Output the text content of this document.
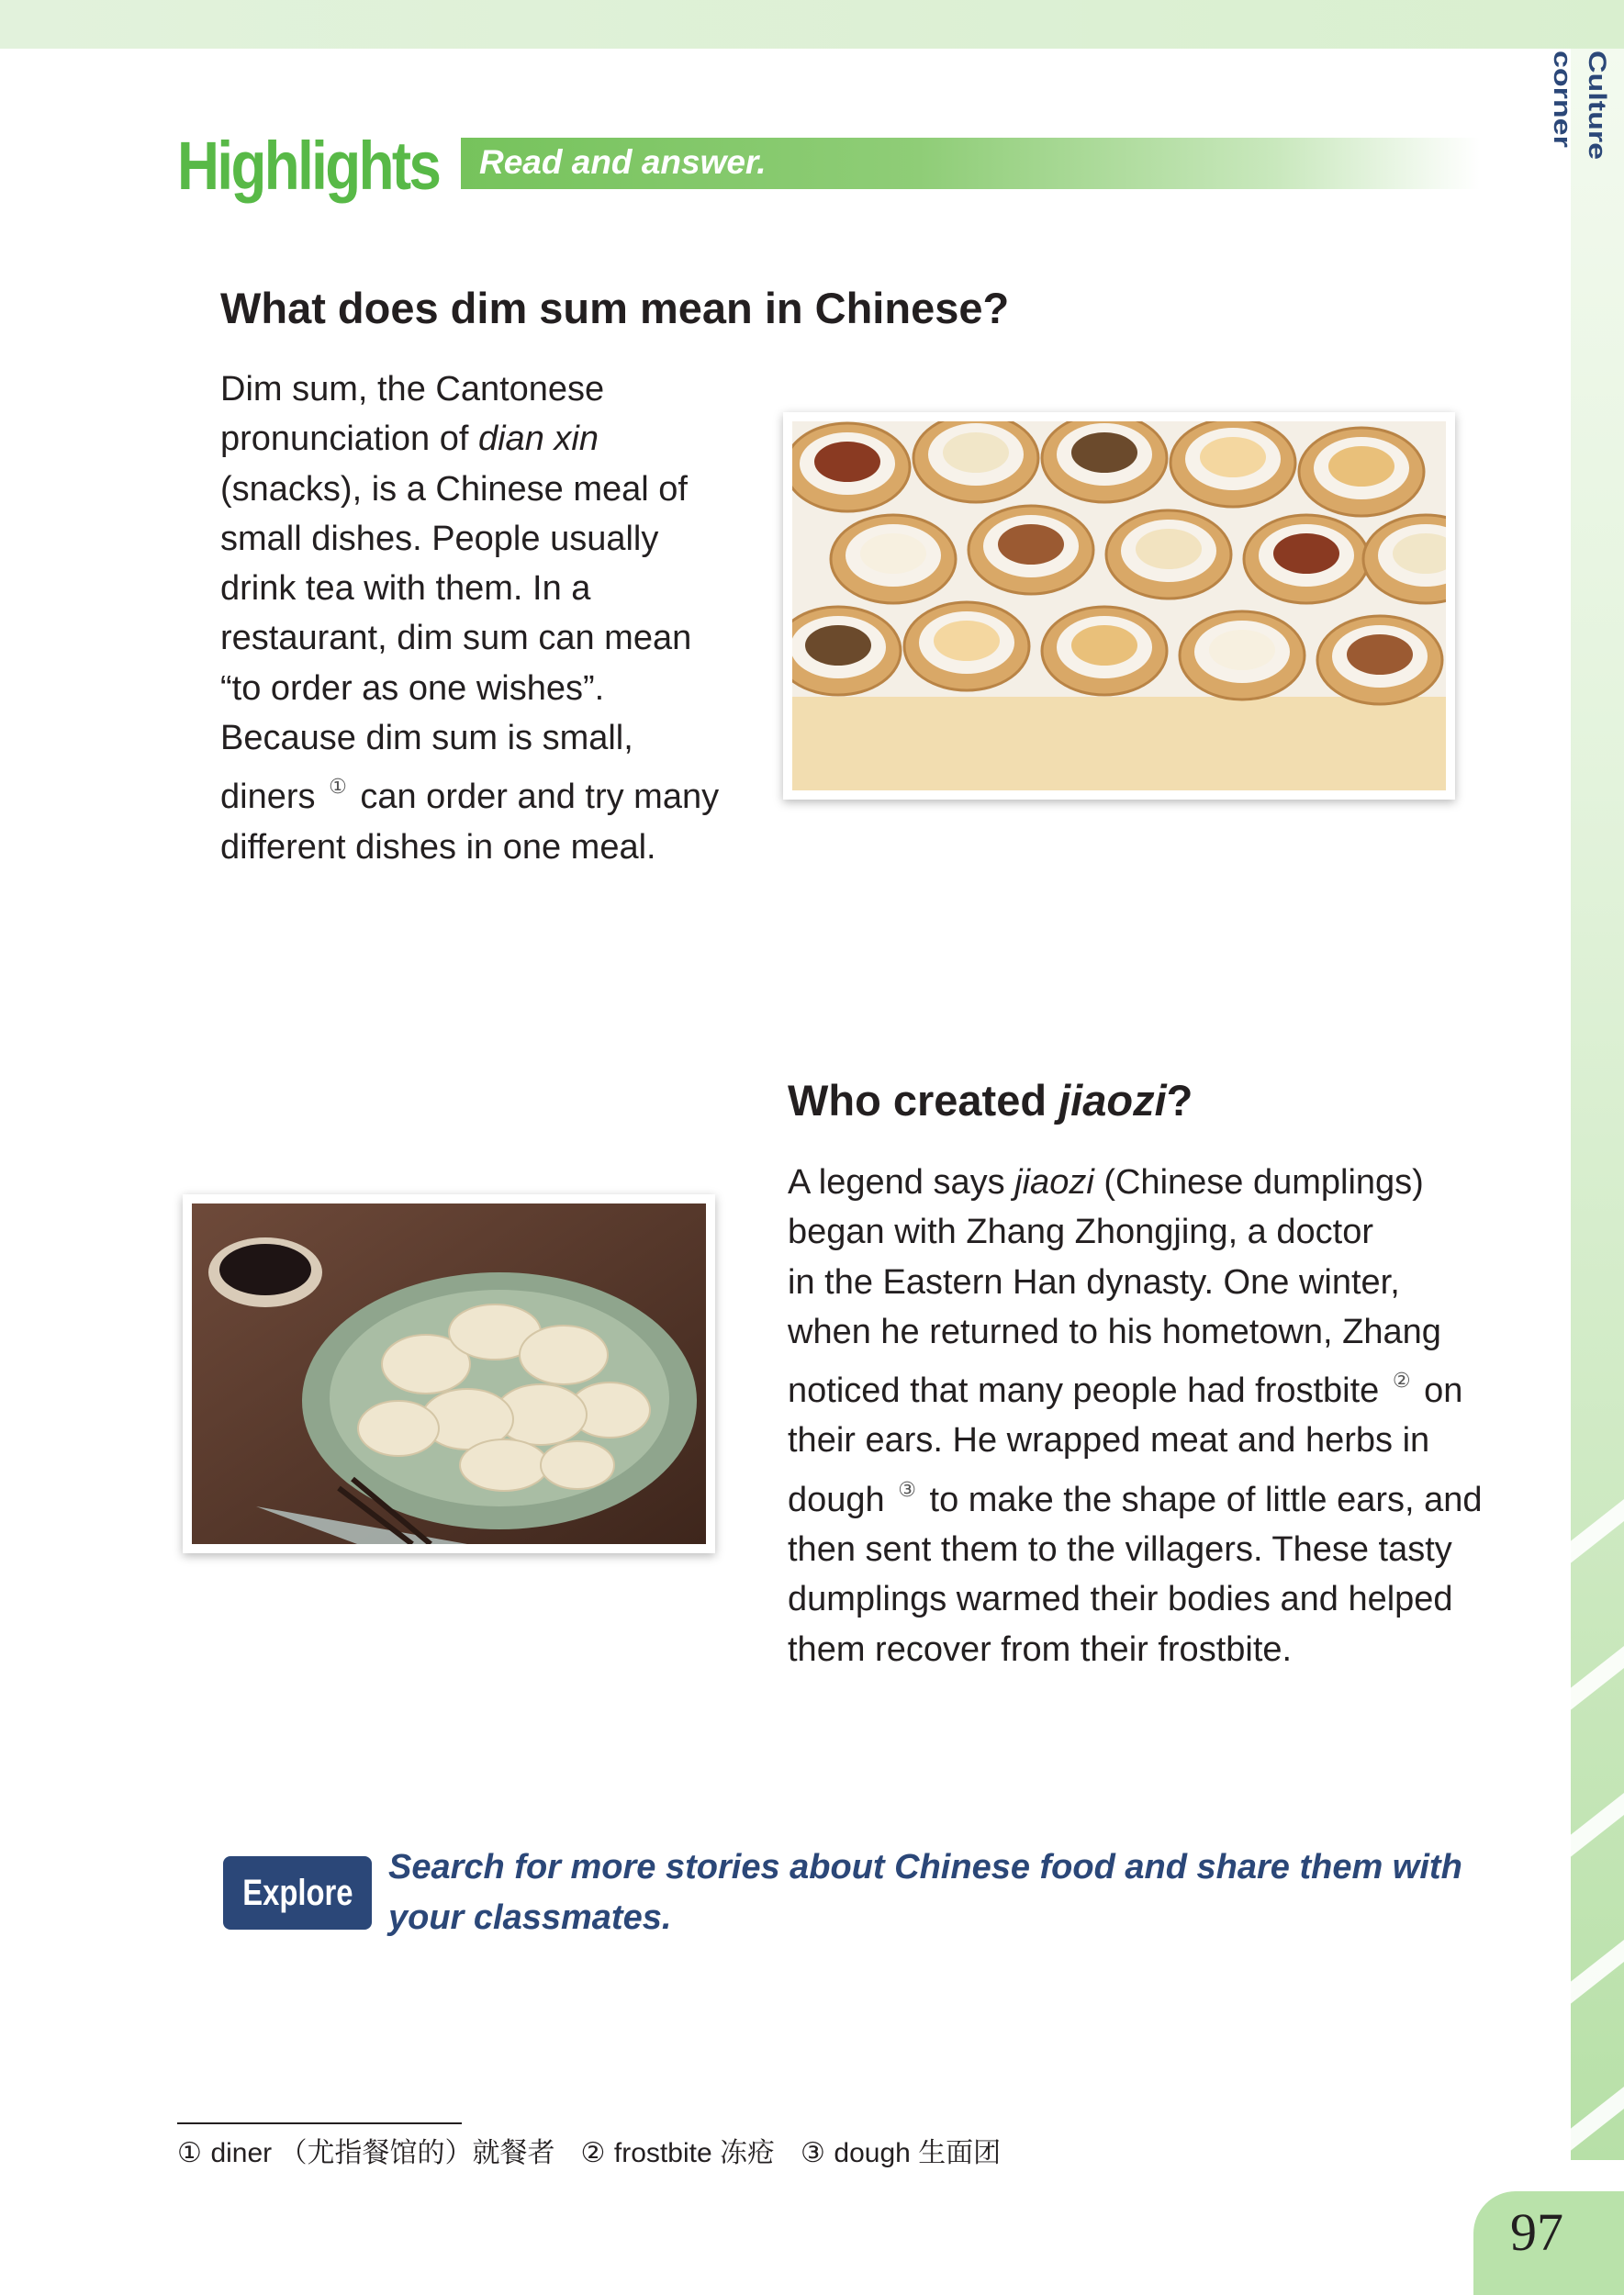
Culture corner
Highlights Read and answer.
What does dim sum mean in Chinese?
Dim sum, the Cantonese
pronunciation of dian xin
(snacks), is a Chinese meal of
small dishes. People usually
drink tea with them. In a
restaurant, dim sum can mean
“to order as one wishes”.
Because dim sum is small,
diners ① can order and try many
different dishes in one meal.
Who created jiaozi?
A legend says jiaozi (Chinese dumplings)
began with Zhang Zhongjing, a doctor
in the Eastern Han dynasty. One winter,
when he returned to his hometown, Zhang
noticed that many people had frostbite ② on
their ears. He wrapped meat and herbs in
dough ③ to make the shape of little ears, and
then sent them to the villagers. These tasty
dumplings warmed their bodies and helped
them recover from their frostbite.
Explore
Search for more stories about Chinese food and share them with your classmates.
① diner （尤指餐馆的）就餐者 ② frostbite 冻疮 ③ dough 生面团
97
